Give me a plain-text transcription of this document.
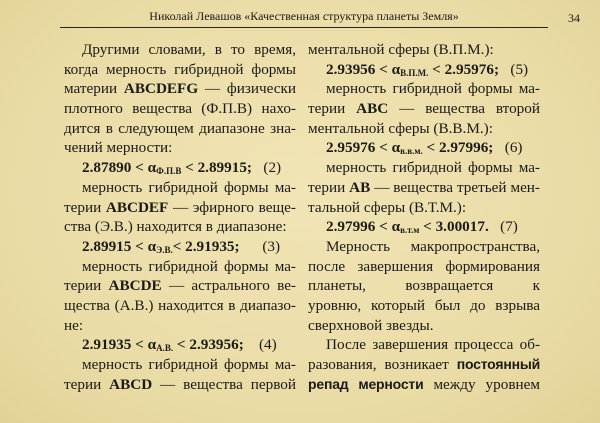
Николай Левашов «Качественная структура планеты Земля»	34
Другими словами, в то время,
когда мерность гибридной формы
материи ABCDEFG — физически
плотного вещества (Ф.П.В) нахо-
дится в следующем диапазоне зна-
чений мерности:
$2.87890 < \alpha_{Ф.П.В} < 2.89915$; (2)
мерность гибридной формы ма-
терии ABCDEF — эфирного веще-
ства (Э.В.) находится в диапазоне:
$2.89915 < \alpha_{Э.В.}< 2.91935$; (3)
мерность гибридной формы ма-
терии ABCDE — астрального ве-
щества (А.В.) находится в диапазо-
не:
$2.91935 < \alpha_{А.В.} < 2.93956$; (4)
мерность гибридной формы ма-
терии ABCD — вещества первой
ментальной сферы (В.П.М.):
$2.93956 < \alpha_{В.П.М.} < 2.95976$; (5)
мерность гибридной формы ма-
терии ABC — вещества второй
ментальной сферы (В.В.М.):
$2.95976 < \alpha_{в.в.м.} < 2.97996$; (6)
мерность гибридной формы ма-
терии AB — вещества третьей мен-
тальной сферы (В.Т.М.):
$2.97996 < \alpha_{в.т.м} < 3.00017$. (7)
Мерность макропространства,
после завершения формирования
планеты, возвращается к
уровню, который был до взрыва
сверхновой звезды.
После завершения процесса об-
разования, возникает постоянный
репад мерности между уровнем
